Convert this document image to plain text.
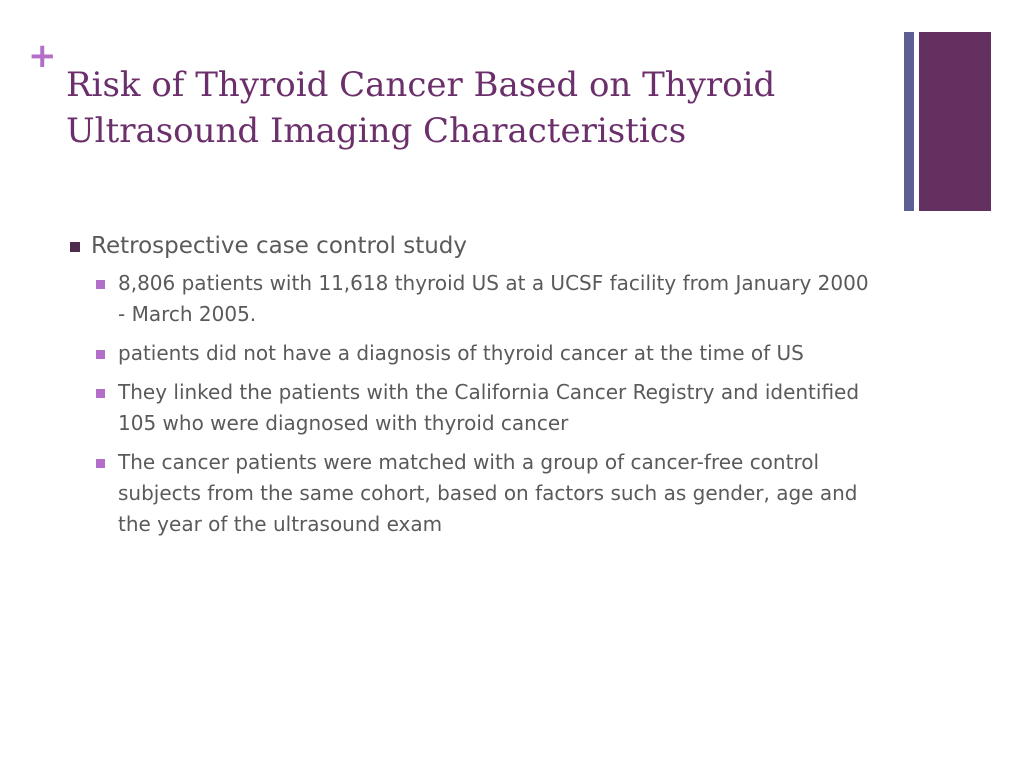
+
Risk of Thyroid Cancer Based on Thyroid Ultrasound Imaging Characteristics
Retrospective case control study
8,806 patients with 11,618 thyroid US at a UCSF facility from January 2000 - March 2005.
patients did not have a diagnosis of thyroid cancer at the time of US
They linked the patients with the California Cancer Registry and identified 105 who were diagnosed with thyroid cancer
The cancer patients were matched with a group of cancer-free control subjects from the same cohort, based on factors such as gender, age and the year of the ultrasound exam
